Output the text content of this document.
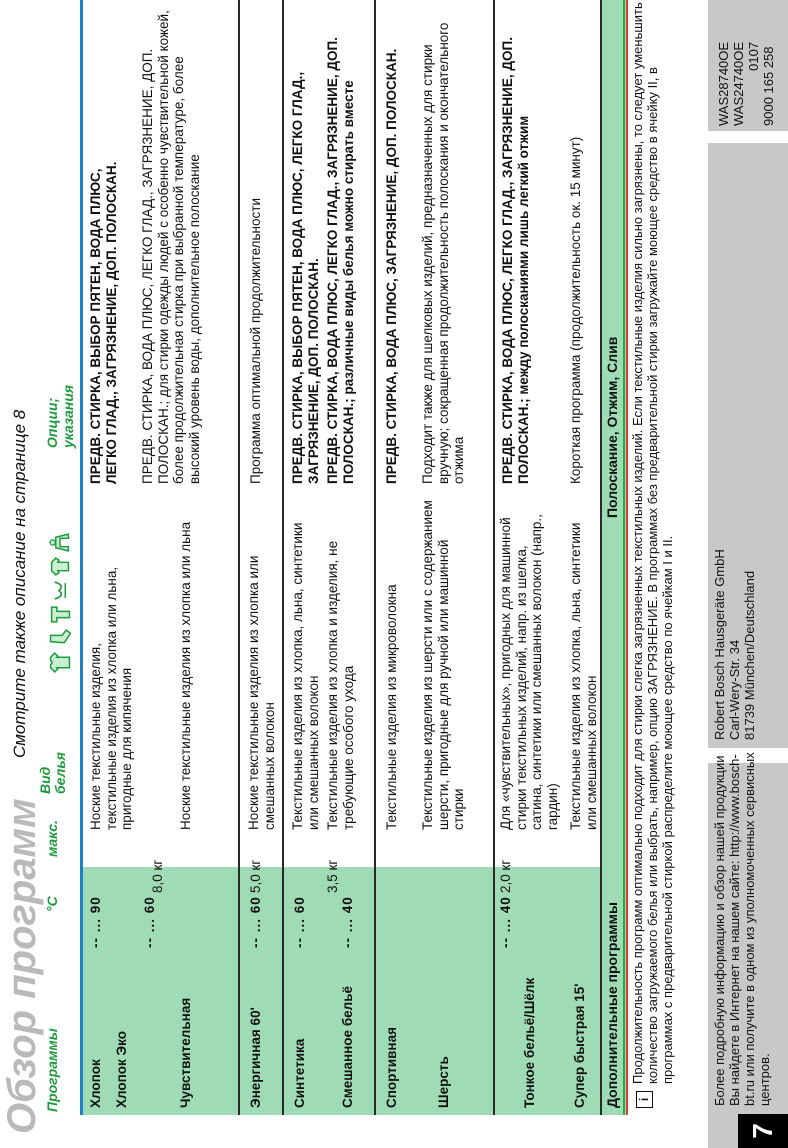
Обзор программ
Смотрите также описание на странице 8
Программы
°C
макс.
Вид белья
Опции; указания
Хлопок Хлопок Эко
-- ... 90
Ноские текстильные изделия, текстильные изделия из хлопка или льна, пригодные для кипячения
ПРЕДВ. СТИРКА, ВЫБОР ПЯТЕН, ВОДА ПЛЮС, ЛЕГКО ГЛАД., ЗАГРЯЗНЕНИЕ, ДОП. ПОЛОСКАН.
8,0 кг
Чувствительная
-- ... 60
Ноские текстильные изделия из хлопка или льна
ПРЕДВ. СТИРКА, ВОДА ПЛЮС, ЛЕГКО ГЛАД., ЗАГРЯЗНЕНИЕ, ДОП. ПОЛОСКАН.; для стирки одежды людей с особенно чувствительной кожей, более продолжительная стирка при выбранной температуре, более высокий уровень воды, дополнительное полоскание
Энергичная 60'
-- ... 60
5,0 кг
Ноские текстильные изделия из хлопка или смешанных волокон
Программа оптимальной продолжительности
Синтетика
-- ... 60
Текстильные изделия из хлопка, льна, синтетики или смешанных волокон
ПРЕДВ. СТИРКА, ВЫБОР ПЯТЕН, ВОДА ПЛЮС, ЛЕГКО ГЛАД., ЗАГРЯЗНЕНИЕ, ДОП. ПОЛОСКАН.
Смешанное бельё
-- ... 40
3,5 кг
Текстильные изделия из хлопка и изделия, не требующие особого ухода
ПРЕДВ. СТИРКА, ВОДА ПЛЮС, ЛЕГКО ГЛАД., ЗАГРЯЗНЕНИЕ, ДОП. ПОЛОСКАН.; различные виды белья можно стирать вместе
Спортивная
Текстильные изделия из микроволокна
ПРЕДВ. СТИРКА, ВОДА ПЛЮС, ЗАГРЯЗНЕНИЕ, ДОП. ПОЛОСКАН.
Шерсть
Текстильные изделия из шерсти или с содержанием шерсти, пригодные для ручной или машинной стирки
Подходит также для шелковых изделий, предназначенных для стирки вручную; сокращенная продолжительность полоскания и окончательного отжима
Тонкое бельё/Шёлк
-- ... 40
2,0 кг
Для «чувствительных», пригодных для машинной стирки текстильных изделий, напр. из шелка, сатина, синтетики или смешанных волокон (напр., гардин)
ПРЕДВ. СТИРКА, ВОДА ПЛЮС, ЛЕГКО ГЛАД., ЗАГРЯЗНЕНИЕ, ДОП. ПОЛОСКАН.; между полосканиями лишь легкий отжим
Супер быстрая 15'
Текстильные изделия из хлопка, льна, синтетики или смешанных волокон
Короткая программа (продолжительность ок. 15 минут)
Дополнительные программы
Полоскание, Отжим, Слив
i
Продолжительность программ оптимально подходит для стирки слегка загрязненных текстильных изделий. Если текстильные изделия сильно загрязнены, то следует уменьшить количество загружаемого белья или выбрать, например, опцию ЗАГРЯЗНЕНИЕ. В программах без предварительной стирки загружайте моющее средство в ячейку II, в программах с предварительной стиркой распределите моющее средство по ячейкам I и II.
7
Более подробную информацию и обзор нашей продукции Вы найдете в Интернет на нашем сайте: http://www.bosch-bt.ru или получите в одном из уполномоченных сервисных центров.
Robert Bosch Hausgeräte GmbH Carl-Wery-Str. 34 81739 München/Deutschland
WAS28740OE WAS24740OE 0107 9000 165 258
